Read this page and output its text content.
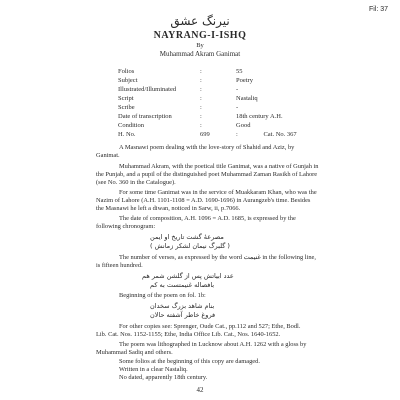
Fil: 37
نیرنگ عشق
NAYRANG-I-ISHQ
By
Muhammad Akram Ganimat
Folios	:	55
Subject	:	Poetry
Illustrated/Illuminated	:	-
Script	:	Nastaliq
Scribe	:	-
Date of transcription	:	18th century A.H.
Condition	:	Good
H. No.	699	: Cat. No. 367
A Masnawi poem dealing with the love-story of Shahid and Aziz, by
Ganimat.
Muhammad Akram, with the poetical title Ganimat, was a native of Gunjah in
the Punjab, and a pupil of the distinguished poet Muhammad Zaman Rasikh of Lahore
(see No. 360 in the Catalogue).
For some time Ganimat was in the service of Muakkaram Khan, who was the
Nazim of Lahore (A.H. 1101-1108 = A.D. 1690-1696) in Aurangzeb's time. Besides
the Masnawi he left a diwan, noticed in Sarw, ii, p.7066.
The date of composition, A.H. 1096 = A.D. 1685, is expressed by the
following chronogram:
مصرعهٔ گشت تاریخ او ایمن
( گلبرگ نیمان لشکر زمانش )
The number of verses, as expressed by the word غنیمت in the following line,
is fifteen hundred.
عدد ابیاتش پس از گلشن شمر هم
بافصاله غنیمتست به کم
Beginning of the poem on fol. 1b:
بنام شاهد بزرگ سخدان
فروغ خاطر آشفته حالان
For other copies see: Sprenger, Oude Cat., pp.112 and 527; Ethe, Bodl.
Lib. Cat. Nos. 1152-1155; Ethe, India Office Lib. Cat., Nos. 1640-1652.
The poem was lithographed in Lucknow about A.H. 1262 with a gloss by
Muhammad Sadiq and others.
Some folios at the beginning of this copy are damaged.
Written in a clear Nastaliq.
No dated, apparently 18th century.
42
